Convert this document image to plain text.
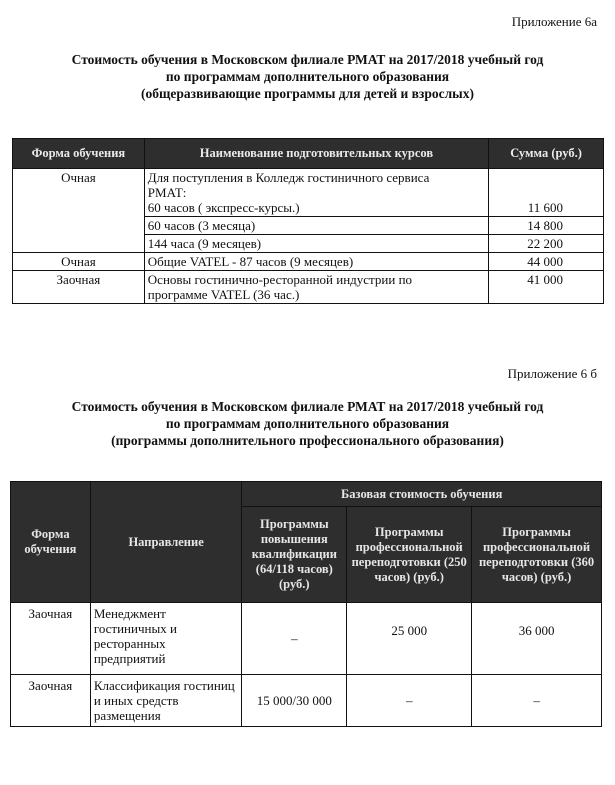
Приложение 6а
Стоимость обучения в Московском филиале РМАТ на 2017/2018 учебный год
по программам дополнительного образования
(общеразвивающие программы для детей и взрослых)
Форма обучения	Наименование подготовительных курсов	Сумма (руб.)
Очная	Для поступления в Колледж гостиничного сервиса
РМАТ:
60 часов ( экспресс-курсы.)	11 600
	60 часов (3 месяца)	14 800
	144 часа (9 месяцев)	22 200
Очная	Общие VATEL - 87 часов (9 месяцев)	44 000
Заочная	Основы гостинично-ресторанной индустрии по
программе VATEL (36 час.)	41 000
Приложение 6 б
Стоимость обучения в Московском филиале РМАТ на 2017/2018 учебный год
по программам дополнительного образования
(программы дополнительного профессионального образования)
Форма обучения	Направление	Базовая стоимость обучения		
		Программы повышения квалификации (64/118 часов) (руб.)	Программы профессиональной переподготовки (250 часов) (руб.)	Программы профессиональной переподготовки (360 часов) (руб.)
Заочная	Менеджмент гостиничных и ресторанных предприятий	–	25 000	36 000
Заочная	Классификация гостиниц и иных средств размещения	15 000/30 000	–	–
